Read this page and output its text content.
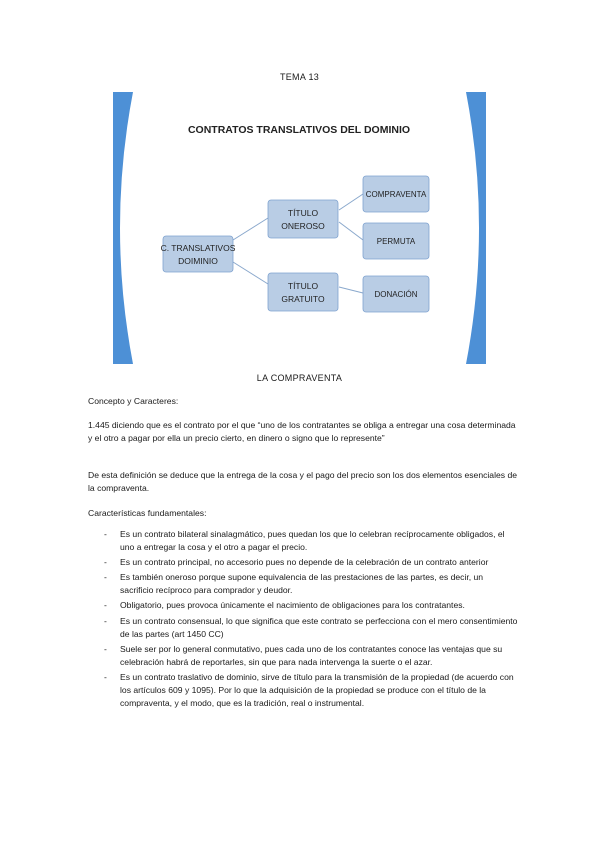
TEMA 13
CONTRATOS TRANSLATIVOS DEL DOMINIO
C. TRANSLATIVOS
DOIMINIO
TÍTULO
ONEROSO
TÍTULO
GRATUITO
COMPRAVENTA
PERMUTA
DONACIÓN
LA COMPRAVENTA
Concepto y Caracteres:
1.445 diciendo que es el contrato por el que “uno de los contratantes se obliga a entregar una cosa determinada y el otro a pagar por ella un precio cierto, en dinero o signo que lo represente”
De esta definición se deduce que la entrega de la cosa y el pago del precio son los dos elementos esenciales de la compraventa.
Características fundamentales:
- Es un contrato bilateral sinalagmático, pues quedan los que lo celebran recíprocamente obligados, el uno a entregar la cosa y el otro a pagar el precio.
- Es un contrato principal, no accesorio pues no depende de la celebración de un contrato anterior
- Es también oneroso porque supone equivalencia de las prestaciones de las partes, es decir, un sacrificio recíproco para comprador y deudor.
- Obligatorio, pues provoca únicamente el nacimiento de obligaciones para los contratantes.
- Es un contrato consensual, lo que significa que este contrato se perfecciona con el mero consentimiento de las partes (art 1450 CC)
- Suele ser por lo general conmutativo, pues cada uno de los contratantes conoce las ventajas que su celebración habrá de reportarles, sin que para nada intervenga la suerte o el azar.
- Es un contrato traslativo de dominio, sirve de título para la transmisión de la propiedad (de acuerdo con los artículos 609 y 1095). Por lo que la adquisición de la propiedad se produce con el título de la compraventa, y el modo, que es la tradición, real o instrumental.
